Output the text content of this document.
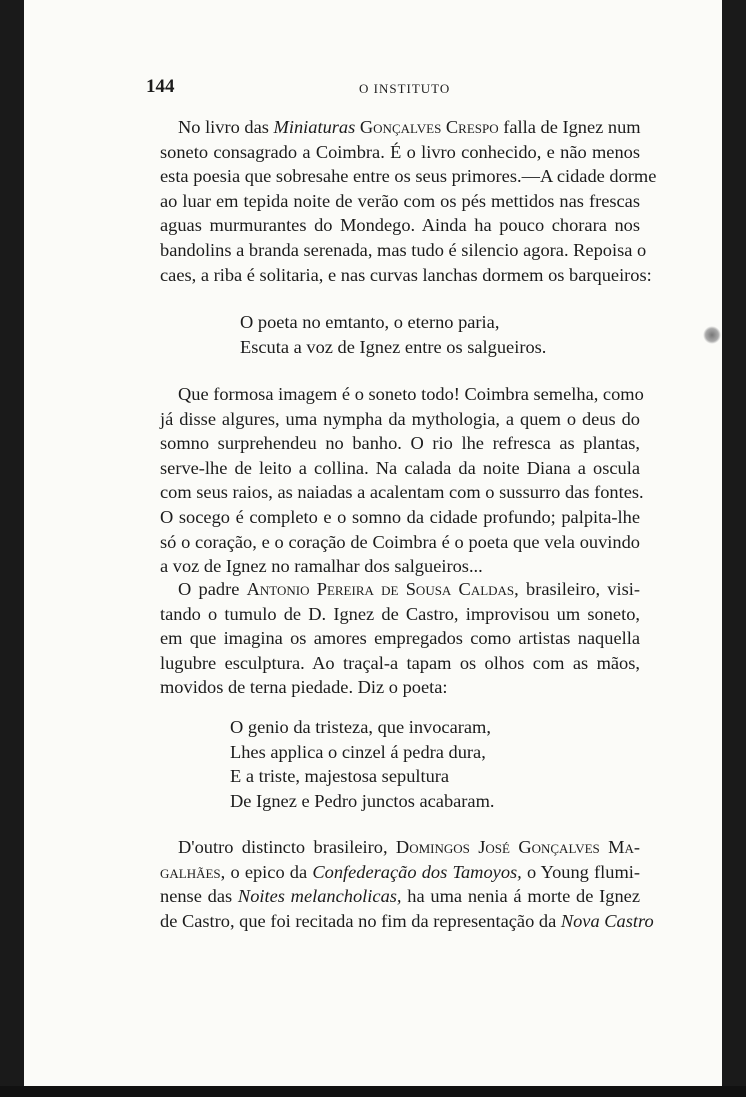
144	O INSTITUTO
No livro das Miniaturas Gonçalves Crespo falla de Ignez num
soneto consagrado a Coimbra. É o livro conhecido, e não menos
esta poesia que sobresahe entre os seus primores.—A cidade dorme
ao luar em tepida noite de verão com os pés mettidos nas frescas
aguas murmurantes do Mondego. Ainda ha pouco chorara nos
bandolins a branda serenada, mas tudo é silencio agora. Repoisa o
caes, a riba é solitaria, e nas curvas lanchas dormem os barqueiros:
O poeta no emtanto, o eterno paria,
Escuta a voz de Ignez entre os salgueiros.
Que formosa imagem é o soneto todo! Coimbra semelha, como
já disse algures, uma nympha da mythologia, a quem o deus do
somno surprehendeu no banho. O rio lhe refresca as plantas,
serve-lhe de leito a collina. Na calada da noite Diana a oscula
com seus raios, as naiadas a acalentam com o sussurro das fontes.
O socego é completo e o somno da cidade profundo; palpita-lhe
só o coração, e o coração de Coimbra é o poeta que vela ouvindo
a voz de Ignez no ramalhar dos salgueiros...
O padre Antonio Pereira de Sousa Caldas, brasileiro, visi-
tando o tumulo de D. Ignez de Castro, improvisou um soneto,
em que imagina os amores empregados como artistas naquella
lugubre esculptura. Ao traçal-a tapam os olhos com as mãos,
movidos de terna piedade. Diz o poeta:
O genio da tristeza, que invocaram,
Lhes applica o cinzel á pedra dura,
E a triste, majestosa sepultura
De Ignez e Pedro junctos acabaram.
D'outro distincto brasileiro, Domingos José Gonçalves Ma-
galhães, o epico da Confederação dos Tamoyos, o Young flumi-
nense das Noites melancholicas, ha uma nenia á morte de Ignez
de Castro, que foi recitada no fim da representação da Nova Castro
